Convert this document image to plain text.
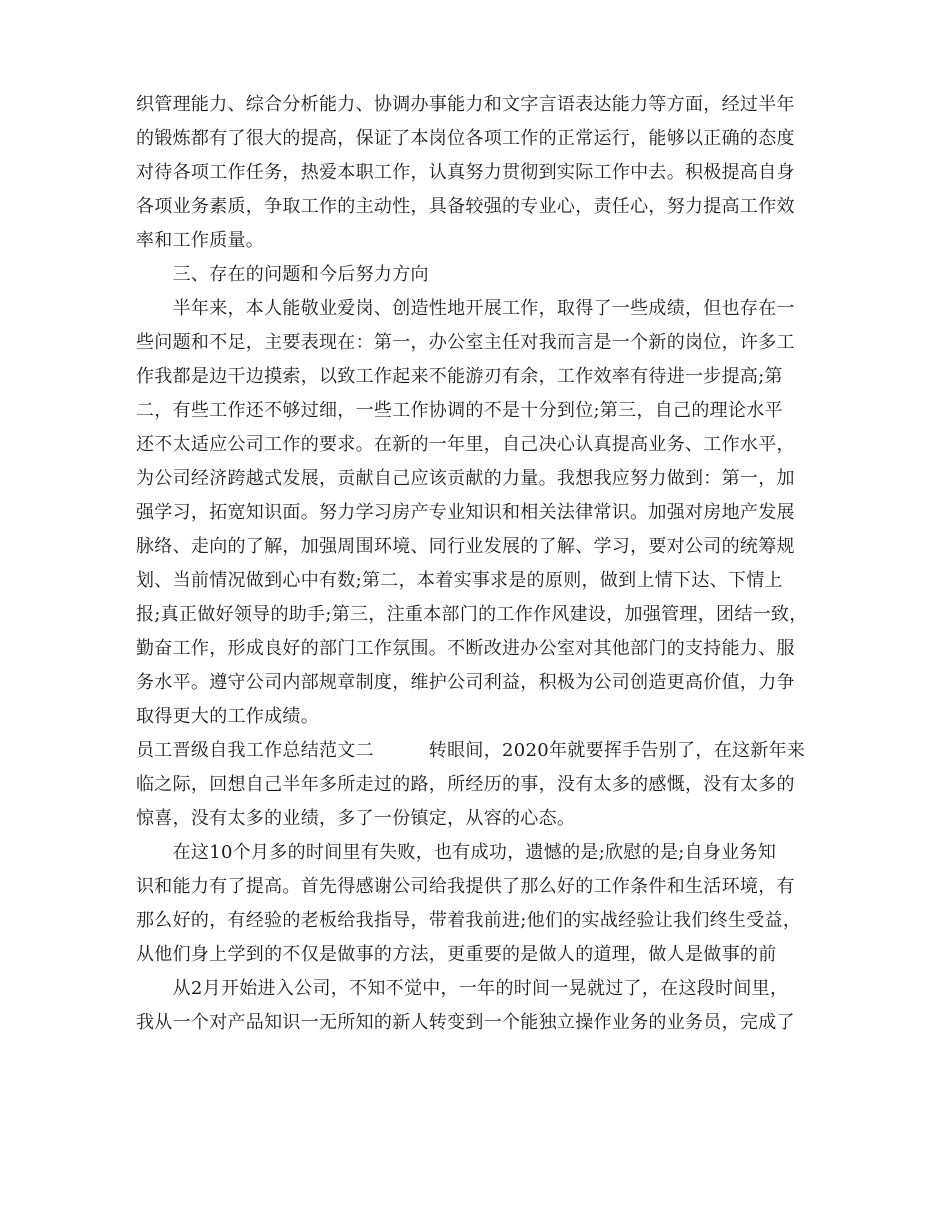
织管理能力、综合分析能力、协调办事能力和文字言语表达能力等方面，经过半年
的锻炼都有了很大的提高，保证了本岗位各项工作的正常运行，能够以正确的态度
对待各项工作任务，热爱本职工作，认真努力贯彻到实际工作中去。积极提高自身
各项业务素质，争取工作的主动性，具备较强的专业心，责任心，努力提高工作效
率和工作质量。
　　三、存在的问题和今后努力方向
　　半年来，本人能敬业爱岗、创造性地开展工作，取得了一些成绩，但也存在一
些问题和不足，主要表现在：第一，办公室主任对我而言是一个新的岗位，许多工
作我都是边干边摸索，以致工作起来不能游刃有余，工作效率有待进一步提高;第
二，有些工作还不够过细，一些工作协调的不是十分到位;第三，自己的理论水平
还不太适应公司工作的要求。在新的一年里，自己决心认真提高业务、工作水平，
为公司经济跨越式发展，贡献自己应该贡献的力量。我想我应努力做到：第一，加
强学习，拓宽知识面。努力学习房产专业知识和相关法律常识。加强对房地产发展
脉络、走向的了解，加强周围环境、同行业发展的了解、学习，要对公司的统筹规
划、当前情况做到心中有数;第二，本着实事求是的原则，做到上情下达、下情上
报;真正做好领导的助手;第三，注重本部门的工作作风建设，加强管理，团结一致，
勤奋工作，形成良好的部门工作氛围。不断改进办公室对其他部门的支持能力、服
务水平。遵守公司内部规章制度，维护公司利益，积极为公司创造更高价值，力争
取得更大的工作成绩。
员工晋级自我工作总结范文二　　　转眼间，2020年就要挥手告别了，在这新年来
临之际，回想自己半年多所走过的路，所经历的事，没有太多的感慨，没有太多的
惊喜，没有太多的业绩，多了一份镇定，从容的心态。
　　在这10个月多的时间里有失败，也有成功，遗憾的是;欣慰的是;自身业务知
识和能力有了提高。首先得感谢公司给我提供了那么好的工作条件和生活环境，有
那么好的，有经验的老板给我指导，带着我前进;他们的实战经验让我们终生受益，
从他们身上学到的不仅是做事的方法，更重要的是做人的道理，做人是做事的前
　　从2月开始进入公司，不知不觉中，一年的时间一晃就过了，在这段时间里，
我从一个对产品知识一无所知的新人转变到一个能独立操作业务的业务员，完成了
